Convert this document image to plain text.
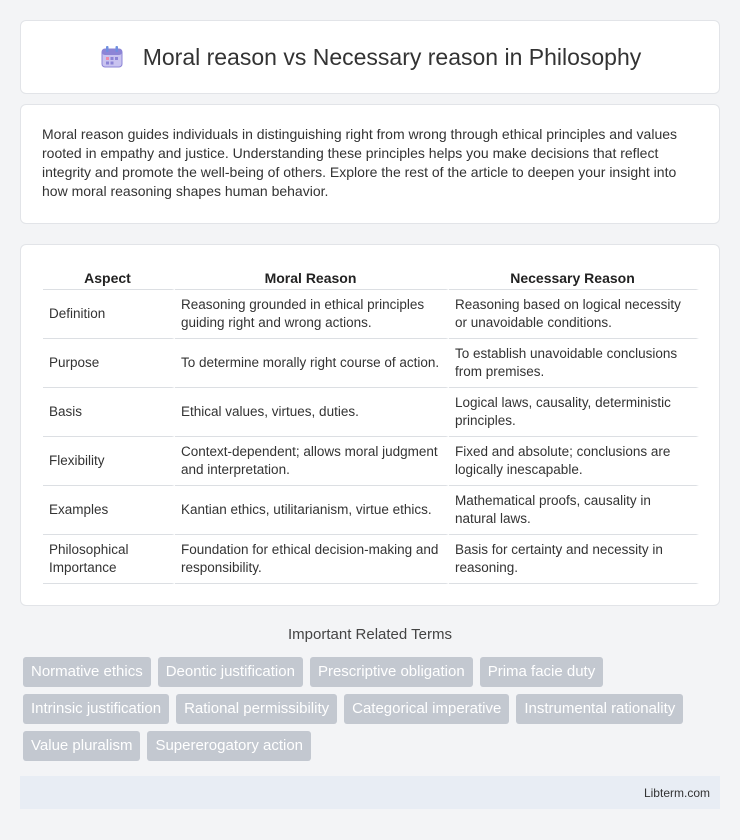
Moral reason vs Necessary reason in Philosophy

Moral reason guides individuals in distinguishing right from wrong through ethical principles and values rooted in empathy and justice. Understanding these principles helps you make decisions that reflect integrity and promote the well-being of others. Explore the rest of the article to deepen your insight into how moral reasoning shapes human behavior.

Aspect	Moral Reason	Necessary Reason
Definition	Reasoning grounded in ethical principles guiding right and wrong actions.	Reasoning based on logical necessity or unavoidable conditions.
Purpose	To determine morally right course of action.	To establish unavoidable conclusions from premises.
Basis	Ethical values, virtues, duties.	Logical laws, causality, deterministic principles.
Flexibility	Context-dependent; allows moral judgment and interpretation.	Fixed and absolute; conclusions are logically inescapable.
Examples	Kantian ethics, utilitarianism, virtue ethics.	Mathematical proofs, causality in natural laws.
Philosophical Importance	Foundation for ethical decision-making and responsibility.	Basis for certainty and necessity in reasoning.
Important Related Terms
Normative ethics	Deontic justification	Prescriptive obligation	Prima facie duty
Intrinsic justification	Rational permissibility	Categorical imperative	Instrumental rationality
Value pluralism	Supererogatory action
Libterm.com
